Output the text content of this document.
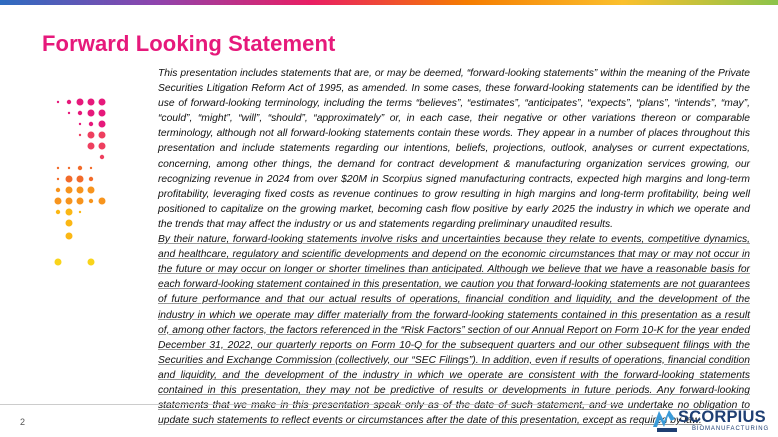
Forward Looking Statement

This presentation includes statements that are, or may be deemed, “forward-looking statements” within the meaning of the Private Securities Litigation Reform Act of 1995, as amended. In some cases, these forward-looking statements can be identified by the use of forward-looking terminology, including the terms “believes”, “estimates”, “anticipates”, “expects”, “plans”, “intends”, “may”, “could”, “might”, “will”, “should”, “approximately” or, in each case, their negative or other variations thereon or comparable terminology, although not all forward-looking statements contain these words. They appear in a number of places throughout this presentation and include statements regarding our intentions, beliefs, projections, outlook, analyses or current expectations, concerning, among other things, the demand for contract development & manufacturing organization services growing, our recognizing revenue in 2024 from over $20M in Scorpius signed manufacturing contracts, expected high margins and long-term profitability, leveraging fixed costs as revenue continues to grow resulting in high margins and long-term profitability, being well positioned to capitalize on the growing market, becoming cash flow positive by early 2025 the industry in which we operate and the trends that may affect the industry or us and statements regarding preliminary unaudited results.

By their nature, forward-looking statements involve risks and uncertainties because they relate to events, competitive dynamics, and healthcare, regulatory and scientific developments and depend on the economic circumstances that may or may not occur in the future or may occur on longer or shorter timelines than anticipated. Although we believe that we have a reasonable basis for each forward-looking statement contained in this presentation, we caution you that forward-looking statements are not guarantees of future performance and that our actual results of operations, financial condition and liquidity, and the development of the industry in which we operate may differ materially from the forward-looking statements contained in this presentation as a result of, among other factors, the factors referenced in the “Risk Factors” section of our Annual Report on Form 10-K for the year ended December 31, 2022, our quarterly reports on Form 10-Q for the subsequent quarters and our other subsequent filings with the Securities and Exchange Commission (collectively, our “SEC Filings”). In addition, even if results of operations, financial condition and liquidity, and the development of the industry in which we operate are consistent with the forward-looking statements contained in this presentation, they may not be predictive of results or developments in future periods. Any forward-looking statements that we make in this presentation speak only as of the date of such statement, and we undertake no obligation to update such statements to reflect events or circumstances after the date of this presentation, except as required by law.

2	SCORPIUS
BIOMANUFACTURING
